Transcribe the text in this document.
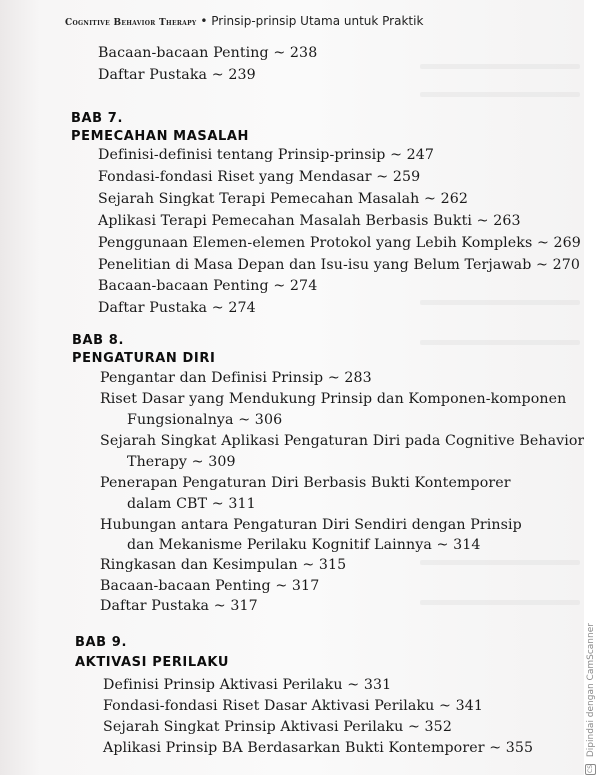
Cognitive Behavior Therapy • Prinsip-prinsip Utama untuk Praktik
Bacaan-bacaan Penting ~ 238
Daftar Pustaka ~ 239
BAB 7.
PEMECAHAN MASALAH
Definisi-definisi tentang Prinsip-prinsip ~ 247
Fondasi-fondasi Riset yang Mendasar ~ 259
Sejarah Singkat Terapi Pemecahan Masalah ~ 262
Aplikasi Terapi Pemecahan Masalah Berbasis Bukti ~ 263
Penggunaan Elemen-elemen Protokol yang Lebih Kompleks ~ 269
Penelitian di Masa Depan dan Isu-isu yang Belum Terjawab ~ 270
Bacaan-bacaan Penting ~ 274
Daftar Pustaka ~ 274
BAB 8.
PENGATURAN DIRI
Pengantar dan Definisi Prinsip ~ 283
Riset Dasar yang Mendukung Prinsip dan Komponen-komponen
Fungsionalnya ~ 306
Sejarah Singkat Aplikasi Pengaturan Diri pada Cognitive Behavior
Therapy ~ 309
Penerapan Pengaturan Diri Berbasis Bukti Kontemporer
dalam CBT ~ 311
Hubungan antara Pengaturan Diri Sendiri dengan Prinsip
dan Mekanisme Perilaku Kognitif Lainnya ~ 314
Ringkasan dan Kesimpulan ~ 315
Bacaan-bacaan Penting ~ 317
Daftar Pustaka ~ 317
BAB 9.
AKTIVASI PERILAKU
Definisi Prinsip Aktivasi Perilaku ~ 331
Fondasi-fondasi Riset Dasar Aktivasi Perilaku ~ 341
Sejarah Singkat Prinsip Aktivasi Perilaku ~ 352
Aplikasi Prinsip BA Berdasarkan Bukti Kontemporer ~ 355
CS Dipindai dengan CamScanner
